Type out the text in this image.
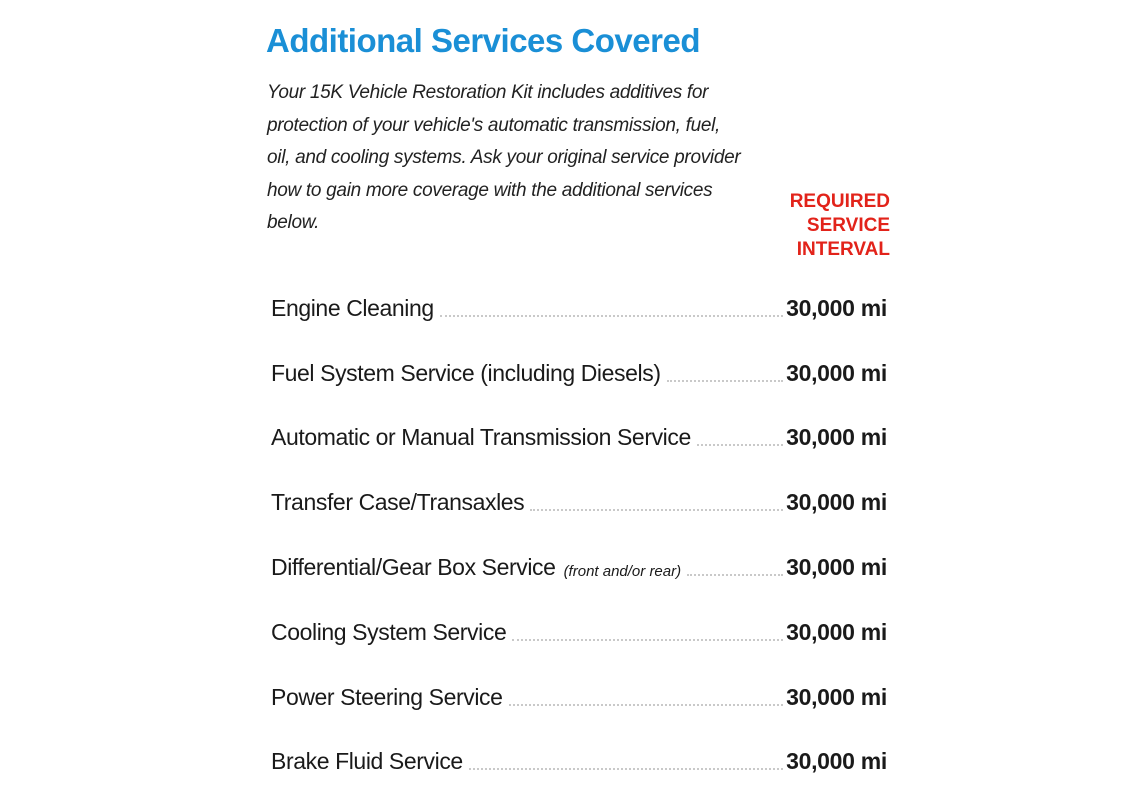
Additional Services Covered

Your 15K Vehicle Restoration Kit includes additives for protection of your vehicle's automatic transmission, fuel, oil, and cooling systems. Ask your original service provider how to gain more coverage with the additional services below.

REQUIRED
SERVICE
INTERVAL
Engine Cleaning	30,000 mi
Fuel System Service (including Diesels)	30,000 mi
Automatic or Manual Transmission Service	30,000 mi
Transfer Case/Transaxles	30,000 mi
Differential/Gear Box Service (front and/or rear)	30,000 mi
Cooling System Service	30,000 mi
Power Steering Service	30,000 mi
Brake Fluid Service	30,000 mi
